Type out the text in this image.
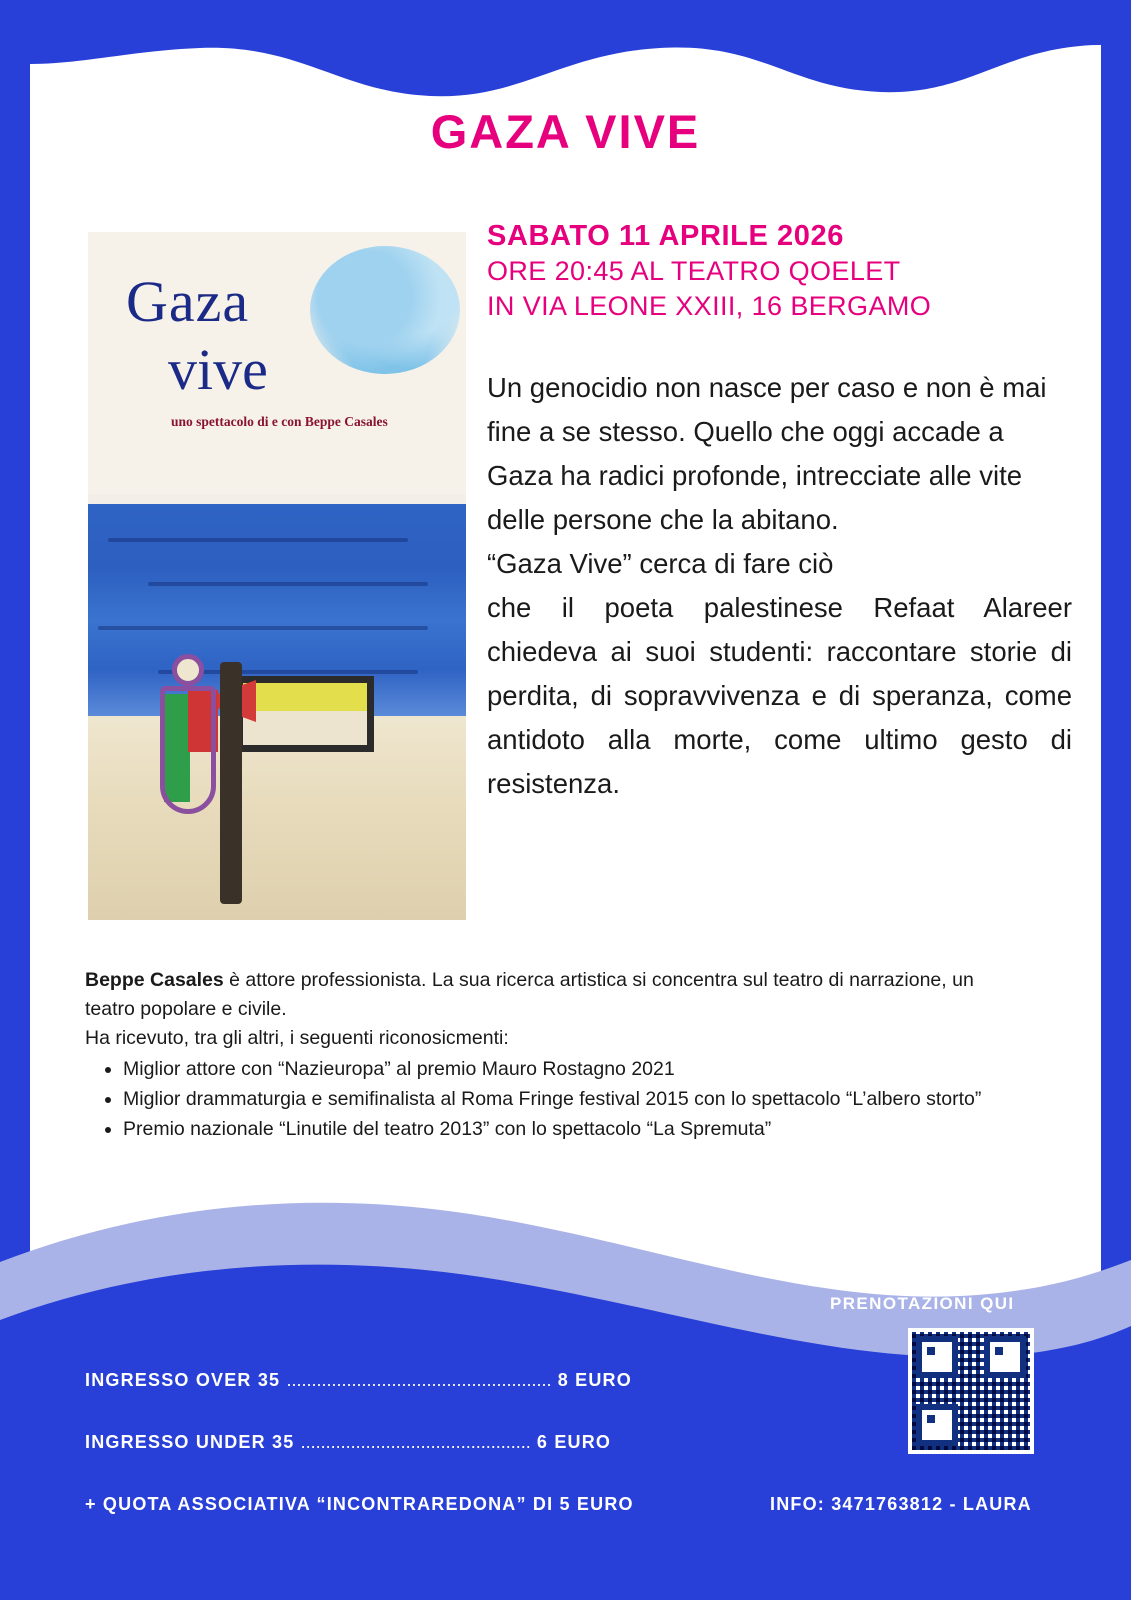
GAZA VIVE
Gaza
vive
uno spettacolo di e con Beppe Casales
SABATO 11 APRILE 2026
ORE 20:45 AL TEATRO QOELET
IN VIA LEONE XXIII, 16 BERGAMO

Un genocidio non nasce per caso e non è mai fine a se stesso. Quello che oggi accade a Gaza ha radici profonde, intrecciate alle vite delle persone che la abitano.

“Gaza Vive” cerca di fare ciò

che il poeta palestinese Refaat Alareer chiedeva ai suoi studenti: raccontare storie di perdita, di sopravvivenza e di speranza, come antidoto alla morte, come ultimo gesto di resistenza.

Beppe Casales è attore professionista. La sua ricerca artistica si concentra sul teatro di narrazione, un teatro popolare e civile.

Ha ricevuto, tra gli altri, i seguenti riconosicmenti:

• Miglior attore con “Nazieuropa” al premio Mauro Rostagno 2021
• Miglior drammaturgia e semifinalista al Roma Fringe festival 2015 con lo spettacolo “L’albero storto”
• Premio nazionale “Linutile del teatro 2013” con lo spettacolo “La Spremuta”
PRENOTAZIONI QUI
INGRESSO OVER 35 ..................................................... 8 EURO
INGRESSO UNDER 35 .............................................. 6 EURO
+ QUOTA ASSOCIATIVA “INCONTRAREDONA” DI 5 EURO	INFO: 3471763812 - LAURA
